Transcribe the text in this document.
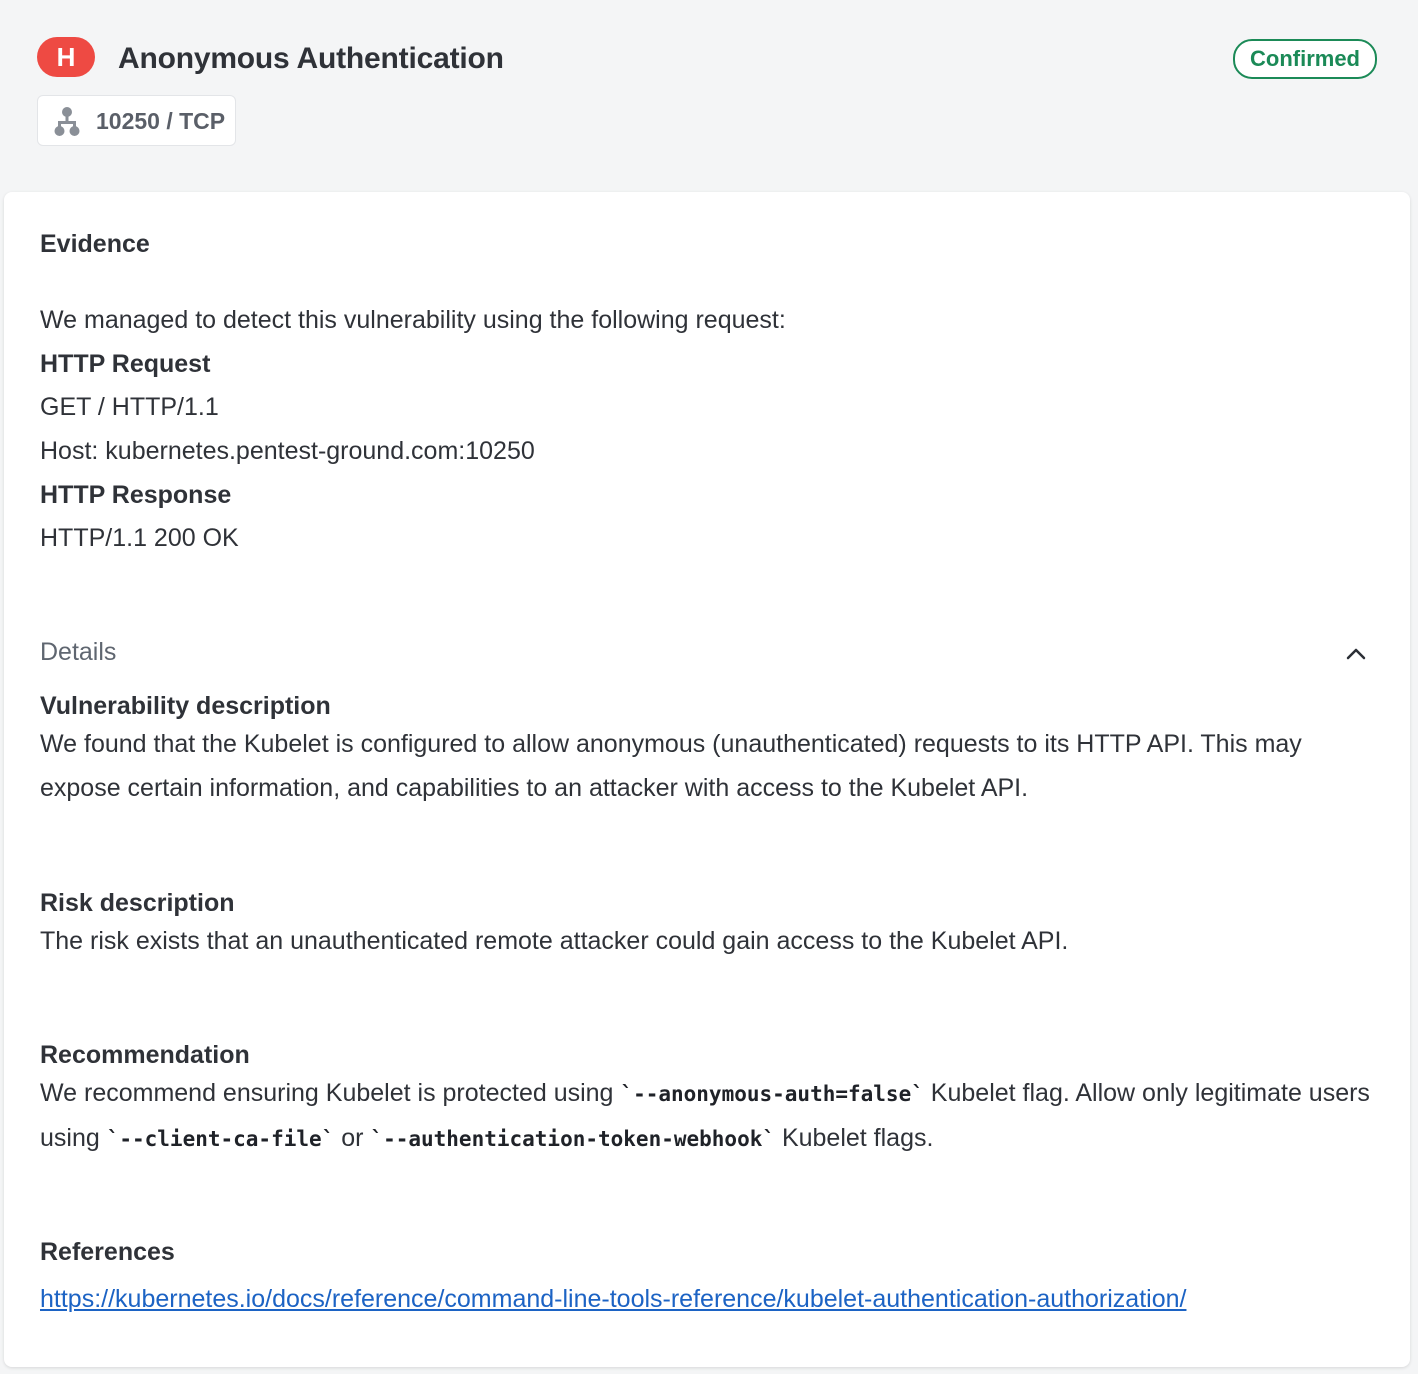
H	Anonymous Authentication	Confirmed
10250 / TCP
Evidence
We managed to detect this vulnerability using the following request:
HTTP Request
GET / HTTP/1.1
Host: kubernetes.pentest-ground.com:10250
HTTP Response
HTTP/1.1 200 OK
Details
Vulnerability description
We found that the Kubelet is configured to allow anonymous (unauthenticated) requests to its HTTP API. This may expose certain information, and capabilities to an attacker with access to the Kubelet API.
Risk description
The risk exists that an unauthenticated remote attacker could gain access to the Kubelet API.
Recommendation
We recommend ensuring Kubelet is protected using `--anonymous-auth=false` Kubelet flag. Allow only legitimate users using `--client-ca-file` or `--authentication-token-webhook` Kubelet flags.
References
https://kubernetes.io/docs/reference/command-line-tools-reference/kubelet-authentication-authorization/
